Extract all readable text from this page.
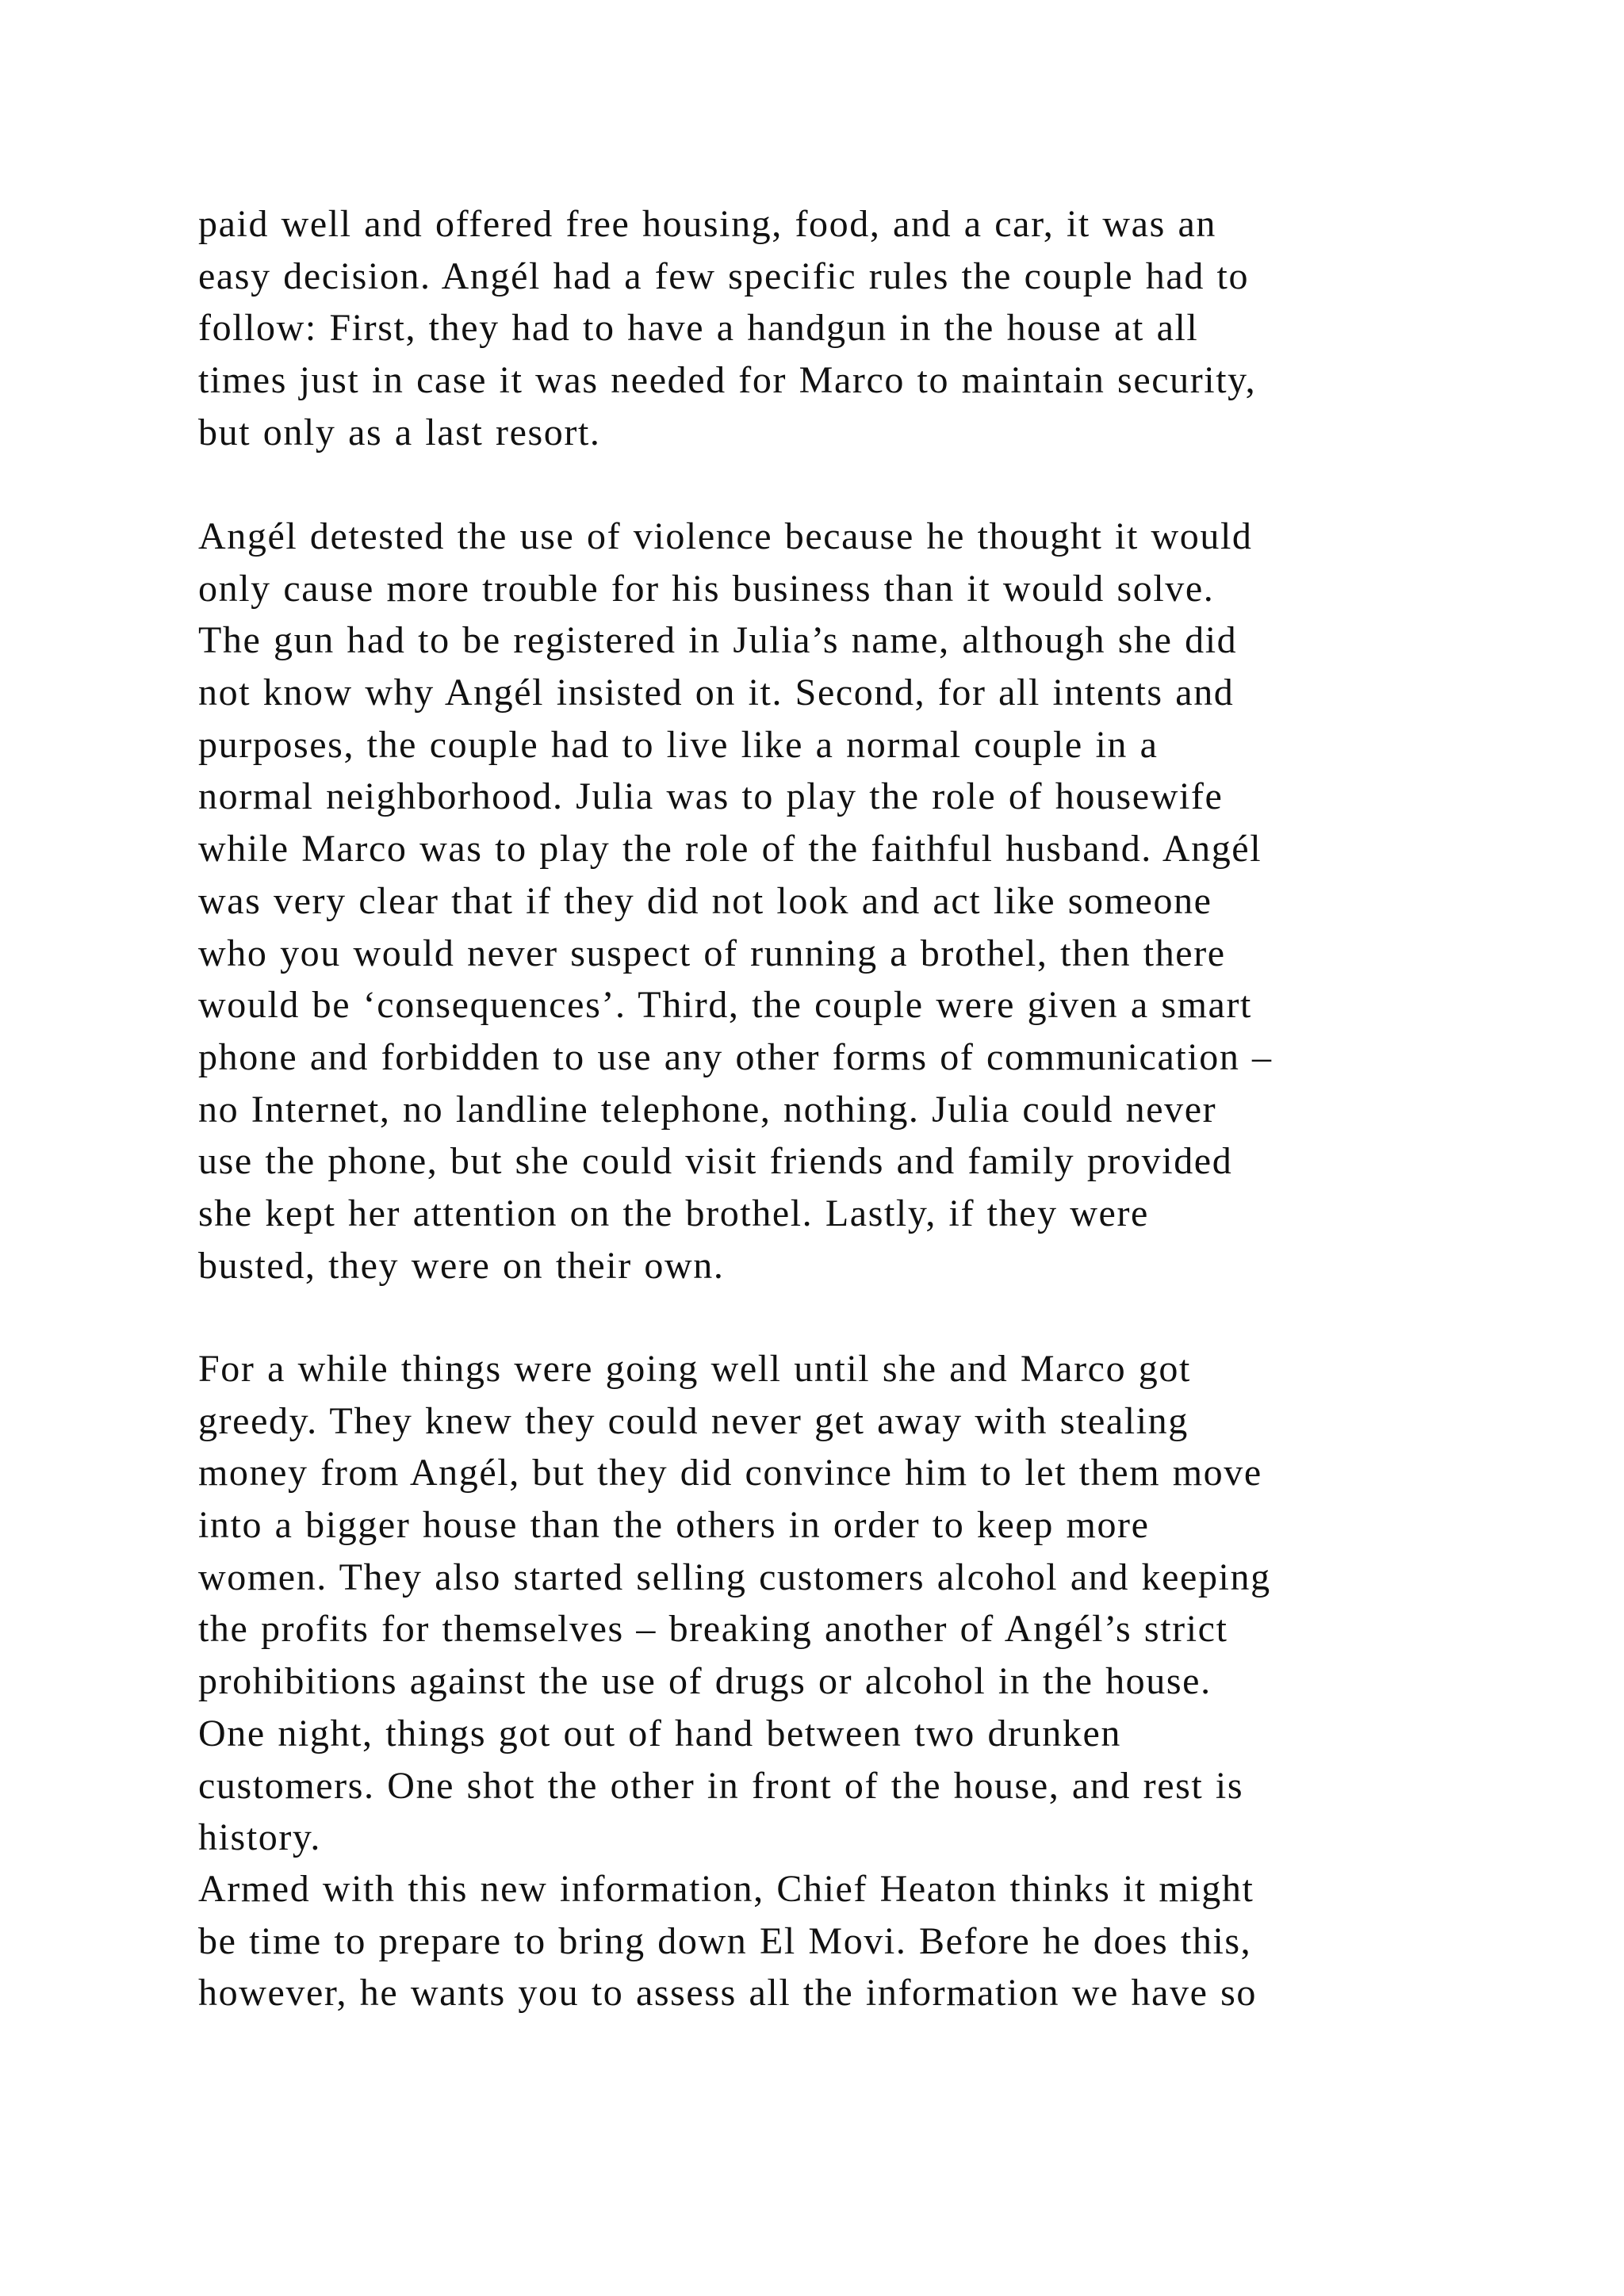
paid well and offered free housing, food, and a car, it was an
easy decision. Angél had a few specific rules the couple had to
follow: First, they had to have a handgun in the house at all
times just in case it was needed for Marco to maintain security,
but only as a last resort.
Angél detested the use of violence because he thought it would
only cause more trouble for his business than it would solve.
The gun had to be registered in Julia’s name, although she did
not know why Angél insisted on it. Second, for all intents and
purposes, the couple had to live like a normal couple in a
normal neighborhood. Julia was to play the role of housewife
while Marco was to play the role of the faithful husband. Angél
was very clear that if they did not look and act like someone
who you would never suspect of running a brothel, then there
would be ‘consequences’. Third, the couple were given a smart
phone and forbidden to use any other forms of communication –
no Internet, no landline telephone, nothing. Julia could never
use the phone, but she could visit friends and family provided
she kept her attention on the brothel. Lastly, if they were
busted, they were on their own.
For a while things were going well until she and Marco got
greedy. They knew they could never get away with stealing
money from Angél, but they did convince him to let them move
into a bigger house than the others in order to keep more
women. They also started selling customers alcohol and keeping
the profits for themselves – breaking another of Angél’s strict
prohibitions against the use of drugs or alcohol in the house.
One night, things got out of hand between two drunken
customers. One shot the other in front of the house, and rest is
history.
Armed with this new information, Chief Heaton thinks it might
be time to prepare to bring down El Movi. Before he does this,
however, he wants you to assess all the information we have so
